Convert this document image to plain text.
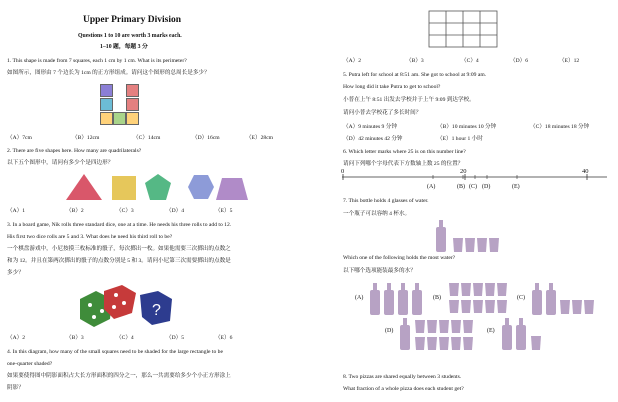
Upper Primary Division
Questions 1 to 10 are worth 3 marks each.
1–10 题，每题 3 分
1. This shape is made from 7 squares, each 1 cm by 1 cm. What is its perimeter?
如图所示，图形由 7 个边长为 1cm 的正方形组成。请问这个图形的总周长是多少？
（A）7cm	（B）12cm	（C）14cm	（D）16cm	（E）28cm
2. There are five shapes here. How many are quadrilaterals?
以下五个图形中，请问有多少个是四边形？
（A）1	（B）2	（C）3	（D）4	（E）5
3. In a board game, Nik rolls three standard dice, one at a time. He needs his three rolls to add to 12.
His first two dice rolls are 5 and 3. What does he need his third roll to be?
一个棋盘游戏中，小尼按摸三枚标准的骰子，每次掷出一枚。如果他需要三次掷出的点数之
和为 12。并且在第两次掷出的骰子的点数分别是 5 和 3。请问小尼第三次需要掷出的点数是
多少？
?
（A）2	（B）3	（C）4	（D）5	（E）6
4. In this diagram, how many of the small squares need to be shaded for the large rectangle to be
one-quarter shaded?
如果要使得图中阴影面积占大长方形面积的四分之一，那么一共需要给多少个小正方形涂上
阴影？
（A）2	（B）3	（C）4	（D）6	（E）12
5. Putra left for school at 8:51 am. She got to school at 9:09 am.
How long did it take Putra to get to school?
小普在上午 8:51 出发去学校并于上午 9:09 到达学校。
请问小普去学校花了多长时间？
（A）9 minutes 9 分钟	（B）10 minutes 10 分钟	（C）18 minutes 18 分钟
（D）42 minutes 42 分钟	（E）1 hour 1 小时
6. Which letter marks where 25 is on this number line?
请问下列哪个字母代表下方数轴上数 25 的位置？
0	20	40
(A)	(B) (C) (D)	(E)
7. This bottle holds 4 glasses of water.
一个瓶子可以容纳 4 杯水。
Which one of the following holds the most water?
以下哪个选项能装最多的水？
(A)	(B)	(C)
(D)	(E)
8. Two pizzas are shared equally between 3 students.
What fraction of a whole pizza does each student get?
